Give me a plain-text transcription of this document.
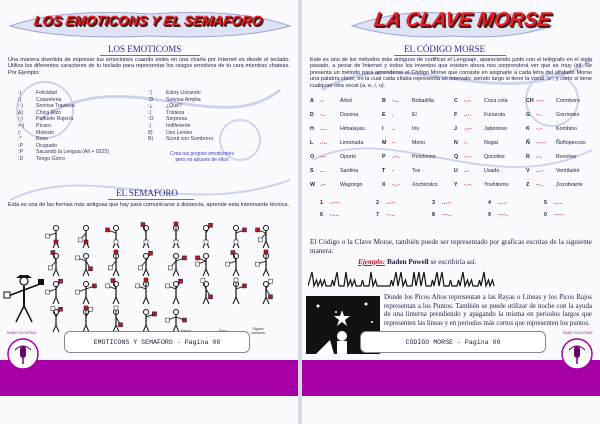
LOS EMOTICONS Y EL SEMAFORO
LOS EMOTICOMS
Una manera divertida de expresar tus emociones cuando estés en una charla por Internet es desde el teclado. Utiliza los diferentes caracteres de tu teclado para representar los rasgos emotivos de tu cara mientras chateas. Por Ejemplo:
:)	Felicidad
;)	Coqueteria
:-)	Sonrisa Traviesa
&) Chica Rizo
:-)	Pañuelo Rojería
>:) Pícaro
(:	Molesto
:*	Beso
:P	Ocupado
:P	Sacando la Lengua (Alt + 0222)
:D Tengo Gorro
:'(	Estoy Llorando
:D Sonrisa Amplia
:¿	¿Qué?
:(	Tristeza
:O Sorpresa
:|	Indiferente
8)	Uso Lentes
B) Scout con Sombrero
Crea tus propios emoticones pero no abuses de ellos
EL SEMAFORO
Esta es una de las formas más antiguas que hay para comunicarse a distancia, aprende esta interesante técnica.
Siguen números
EMOTICONS Y SEMAFORO - Pagina 08
RADIO SCOUTING
LA CLAVE MORSE
EL CÓDIGO MORSE
Este es uno de los métodos más antiguos de codificar el Lenguaje, apareciendo junto con el telégrafo en el siglo pasado, a pesar de Internet y todos los inventos que existen ahora nos sorprenderá ver que es muy útil. Se presenta un método para aprenderse el Código Morse que consiste en asignarle a cada letra del alfabeto Morse una palabra clave, en la cual cada sílaba representa un intervalo: siendo largo si tiene la vocal "o", y corto si tiene cualquier otra vocal (a, e, i, u).
A .-	Árbol	B -... Bobadilla	C -.-. Coca cola	CH ---- Corroboro
D -..	Docena	E .	El	F ..-. Furiarola	G --.	Gorriones
H .... Himalayas	I ..	Iris	J .--- Jabonoso	K -.-	Kombino
L .-.. Limonada	M --	Mono	N -.	Nogal	Ñ --.-- Ñoñopecoso
O ---	Oporto	P .--. Pelotones	Q --.- Qocoliso	R .-.	Revolver
S ...	Sardina	T -	Tos	U ..-	Usado	V ...- Ventilador
W .--	Wagongo	X -..- Xochimilco	Y -.-- Yoshitomo	Z --.. Zozobrante
1 .----	2 ..---	3 ...--	4 ....-	5 .....
6 -....	7 --...	8 ---..	9 ----.	0 -----
El Código o la Clave Morse, también puede ser representado por graficas escritas de la siguiente manera:
Ejemplo: Baden Powell se escribiría así.
Donde los Picos Altos representan a las Rayas o Líneas y los Picos Bajos representan a los Puntos. También se puede utilizar de noche con la ayuda de una linterna prendiendo y apagando la misma en periodos largos que representen las líneas y en periodos más cortos que representen los puntos.
CÓDIGO MORSE - Pagina 09
RADIO SCOUTING
